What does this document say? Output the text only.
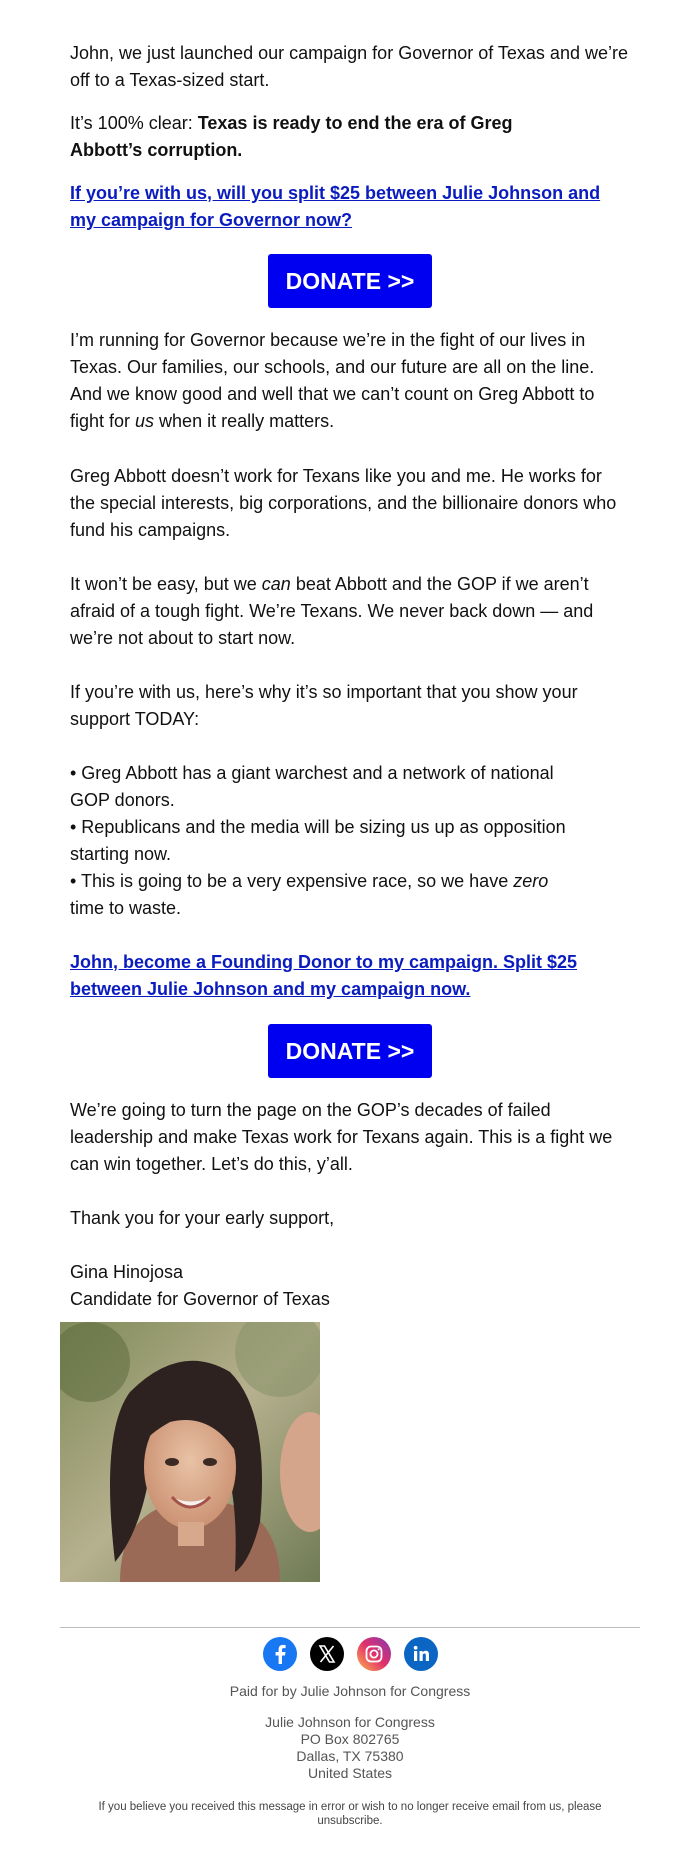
John, we just launched our campaign for Governor of Texas and we’re off to a Texas-sized start.

It’s 100% clear: Texas is ready to end the era of Greg Abbott’s corruption.

If you’re with us, will you split $25 between Julie Johnson and my campaign for Governor now?
DONATE >>

I’m running for Governor because we’re in the fight of our lives in Texas. Our families, our schools, and our future are all on the line. And we know good and well that we can’t count on Greg Abbott to fight for us when it really matters.

Greg Abbott doesn’t work for Texans like you and me. He works for the special interests, big corporations, and the billionaire donors who fund his campaigns.

It won’t be easy, but we can beat Abbott and the GOP if we aren’t afraid of a tough fight. We’re Texans. We never back down — and we’re not about to start now.

If you’re with us, here’s why it’s so important that you show your support TODAY:

• Greg Abbott has a giant warchest and a network of national GOP donors.

• Republicans and the media will be sizing us up as opposition starting now.

• This is going to be a very expensive race, so we have zero time to waste.

John, become a Founding Donor to my campaign. Split $25 between Julie Johnson and my campaign now.
DONATE >>

We’re going to turn the page on the GOP’s decades of failed leadership and make Texas work for Texans again. This is a fight we can win together. Let’s do this, y’all.

Thank you for your early support,

Gina Hinojosa

Candidate for Governor of Texas

Paid for by Julie Johnson for Congress
Julie Johnson for Congress
PO Box 802765
Dallas, TX 75380
United States
If you believe you received this message in error or wish to no longer receive email from us, please unsubscribe.
